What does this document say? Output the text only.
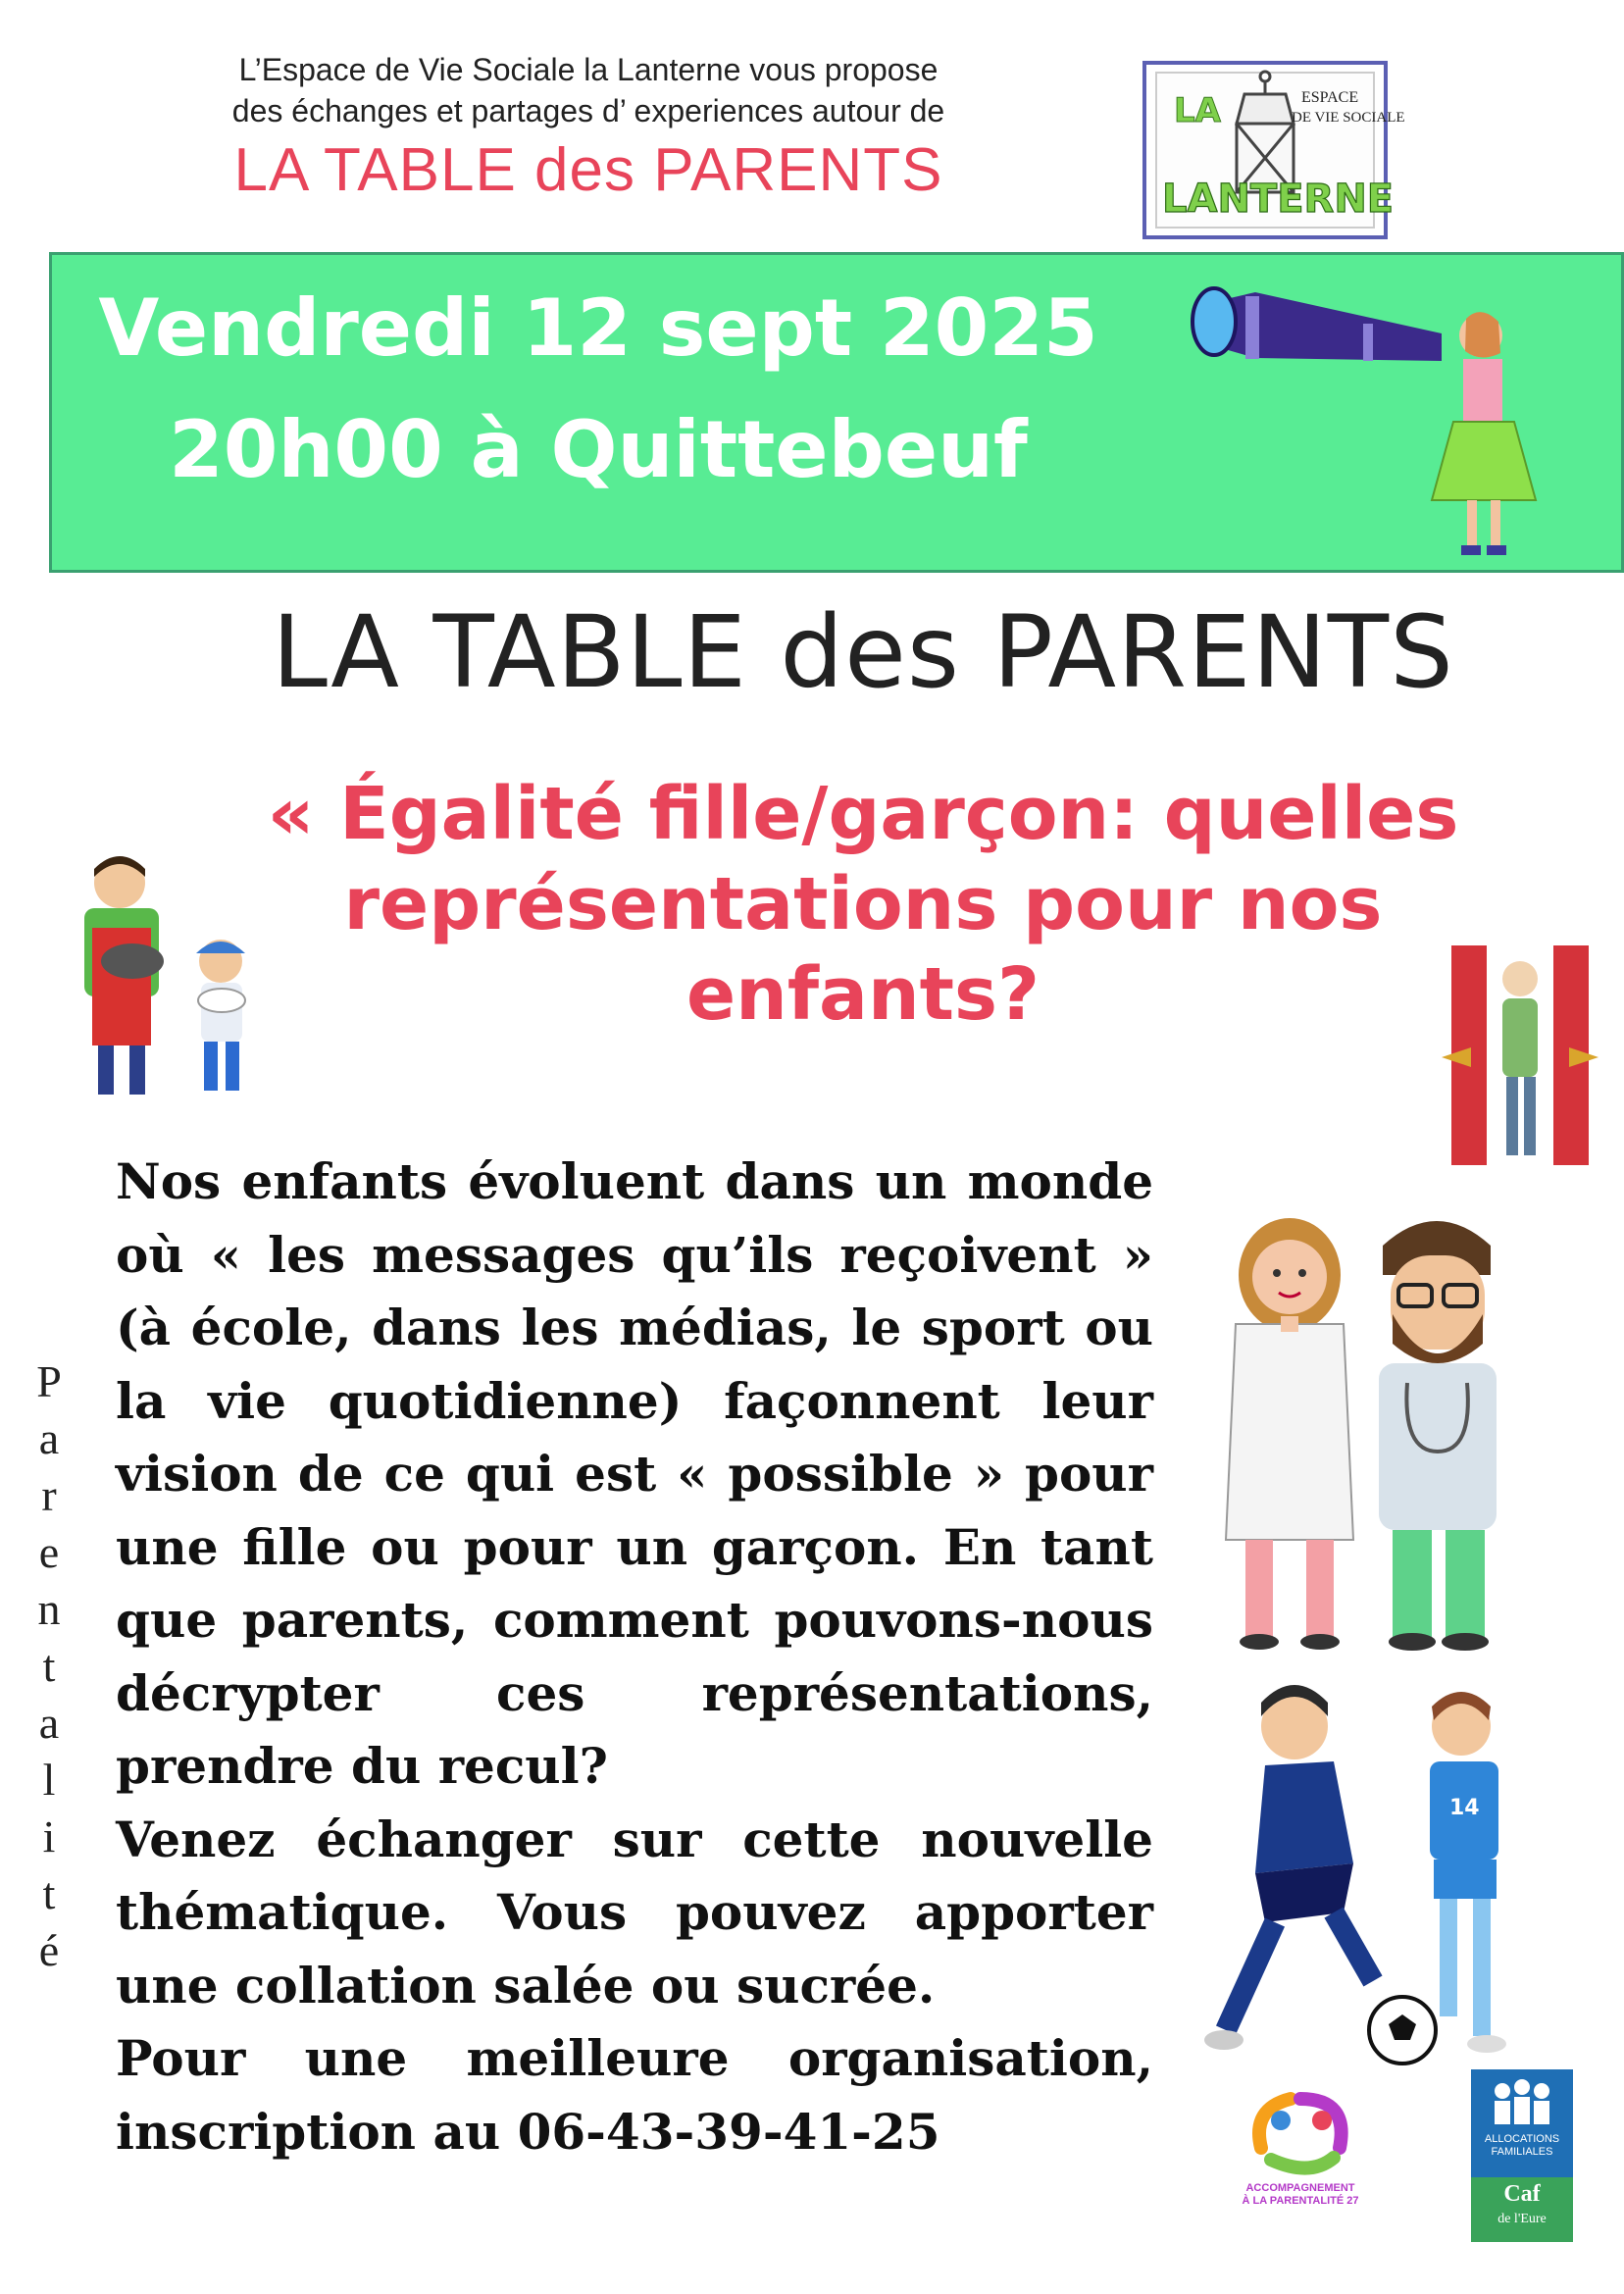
L’Espace de Vie Sociale la Lanterne vous propose
des échanges et partages d’ experiences autour de
LA TABLE des PARENTS
LA	ESPACE
DE VIE SOCIALE
LANTERNE
Vendredi 12 sept 2025
20h00 à Quittebeuf
LA TABLE des PARENTS
« Égalité fille/garçon: quelles
représentations pour nos
enfants?
Nos enfants évoluent dans un monde où « les messages qu’ils reçoivent » (à école, dans les médias, le sport ou la vie quotidienne) façonnent leur vision de ce qui est « possible » pour une fille ou pour un garçon. En tant que parents, comment pouvons-nous décrypter ces représentations, prendre du recul?
Venez échanger sur cette nouvelle thématique. Vous pouvez apporter une collation salée ou sucrée.
Pour une meilleure organisation, inscription au 06-43-39-41-25
P
a
r
e
n
t
a
l
i
t
é
14
ACCOMPAGNEMENT
À LA PARENTALITÉ 27
ALLOCATIONS
FAMILIALES
Caf
de l'Eure
